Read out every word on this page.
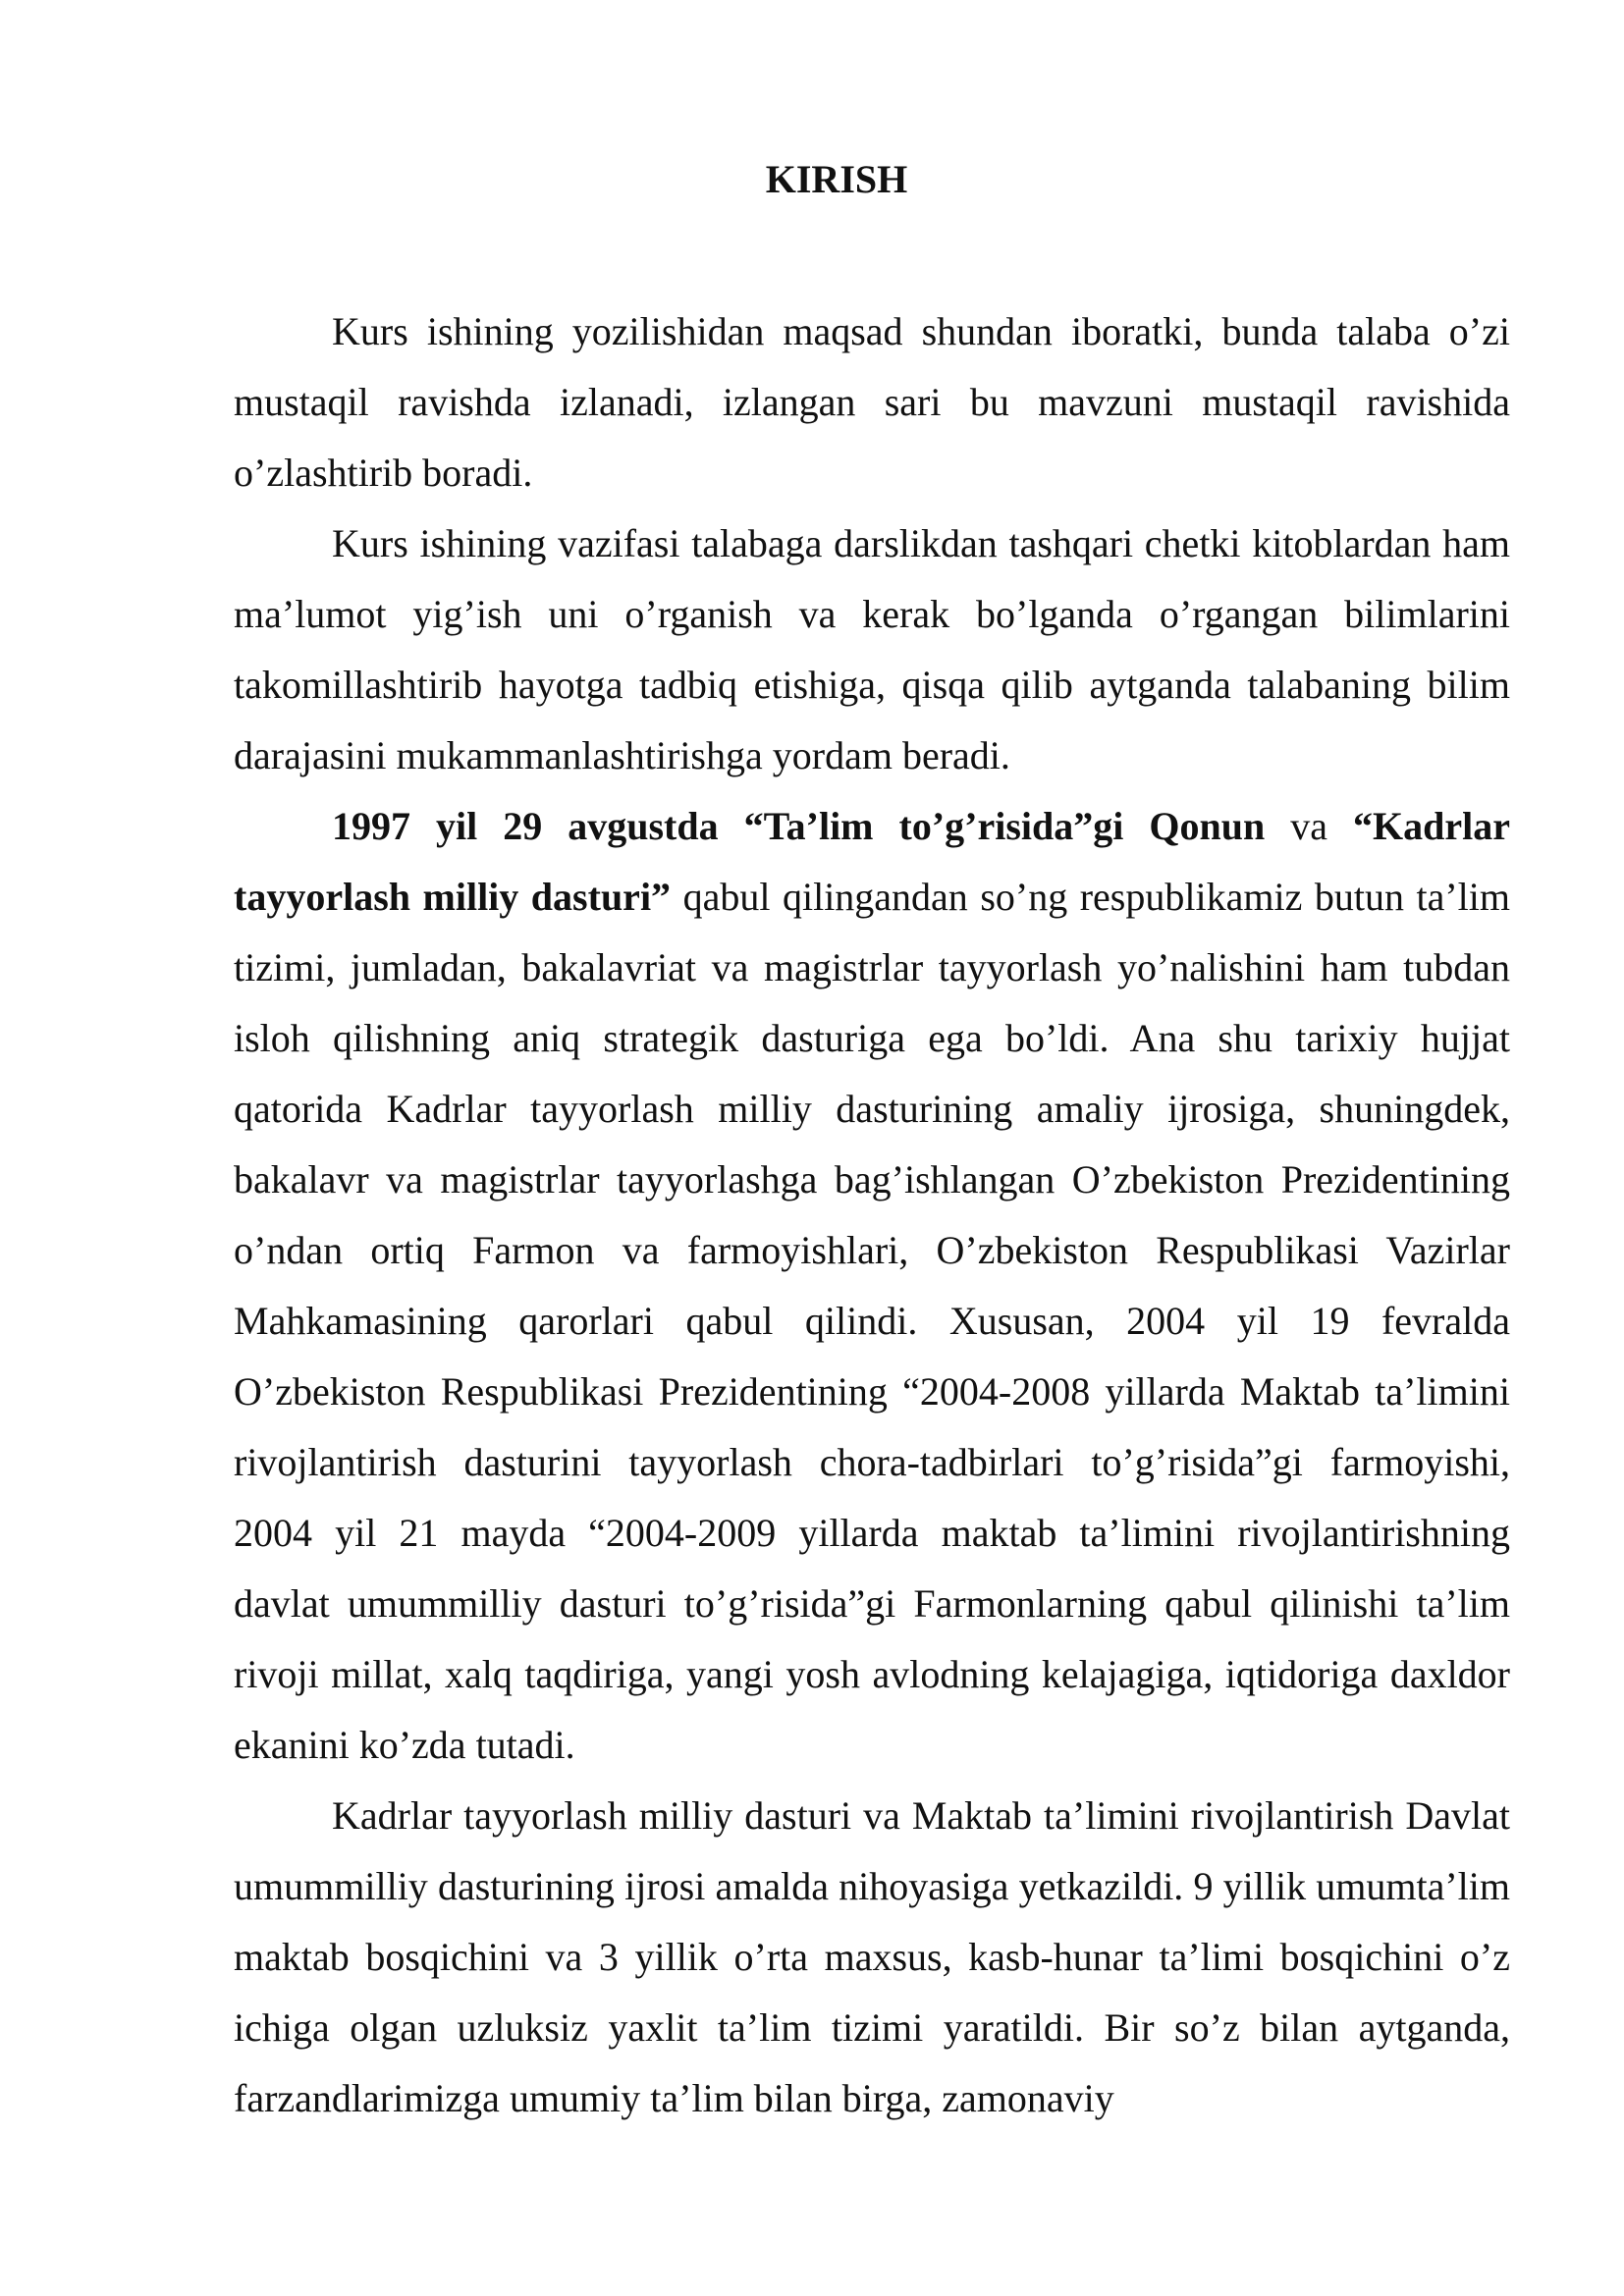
KIRISH

Kurs ishining yozilishidan maqsad shundan iboratki, bunda talaba o’zi mustaqil ravishda izlanadi, izlangan sari bu mavzuni mustaqil ravishida o’zlashtirib boradi.

Kurs ishining vazifasi talabaga darslikdan tashqari chetki kitoblardan ham ma’lumot yig’ish uni o’rganish va kerak bo’lganda o’rgangan bilimlarini takomillashtirib hayotga tadbiq etishiga, qisqa qilib aytganda talabaning bilim darajasini mukammanlashtirishga yordam beradi.

1997 yil 29 avgustda “Ta’lim to’g’risida”gi Qonun va “Kadrlar tayyorlash milliy dasturi” qabul qilingandan so’ng respublikamiz butun ta’lim tizimi, jumladan, bakalavriat va magistrlar tayyorlash yo’nalishini ham tubdan isloh qilishning aniq strategik dasturiga ega bo’ldi. Ana shu tarixiy hujjat qatorida Kadrlar tayyorlash milliy dasturining amaliy ijrosiga, shuningdek, bakalavr va magistrlar tayyorlashga bag’ishlangan O’zbekiston Prezidentining o’ndan ortiq Farmon va farmoyishlari, O’zbekiston Respublikasi Vazirlar Mahkamasining qarorlari qabul qilindi. Xususan, 2004 yil 19 fevralda O’zbekiston Respublikasi Prezidentining “2004-2008 yillarda Maktab ta’limini rivojlantirish dasturini tayyorlash chora-tadbirlari to’g’risida”gi farmoyishi, 2004 yil 21 mayda “2004-2009 yillarda maktab ta’limini rivojlantirishning davlat umummilliy dasturi to’g’risida”gi Farmonlarning qabul qilinishi ta’lim rivoji millat, xalq taqdiriga, yangi yosh avlodning kelajagiga, iqtidoriga daxldor ekanini ko’zda tutadi.

Kadrlar tayyorlash milliy dasturi va Maktab ta’limini rivojlantirish Davlat umummilliy dasturining ijrosi amalda nihoyasiga yetkazildi. 9 yillik umumta’lim maktab bosqichini va 3 yillik o’rta maxsus, kasb-hunar ta’limi bosqichini o’z ichiga olgan uzluksiz yaxlit ta’lim tizimi yaratildi. Bir so’z bilan aytganda, farzandlarimizga umumiy ta’lim bilan birga, zamonaviy
